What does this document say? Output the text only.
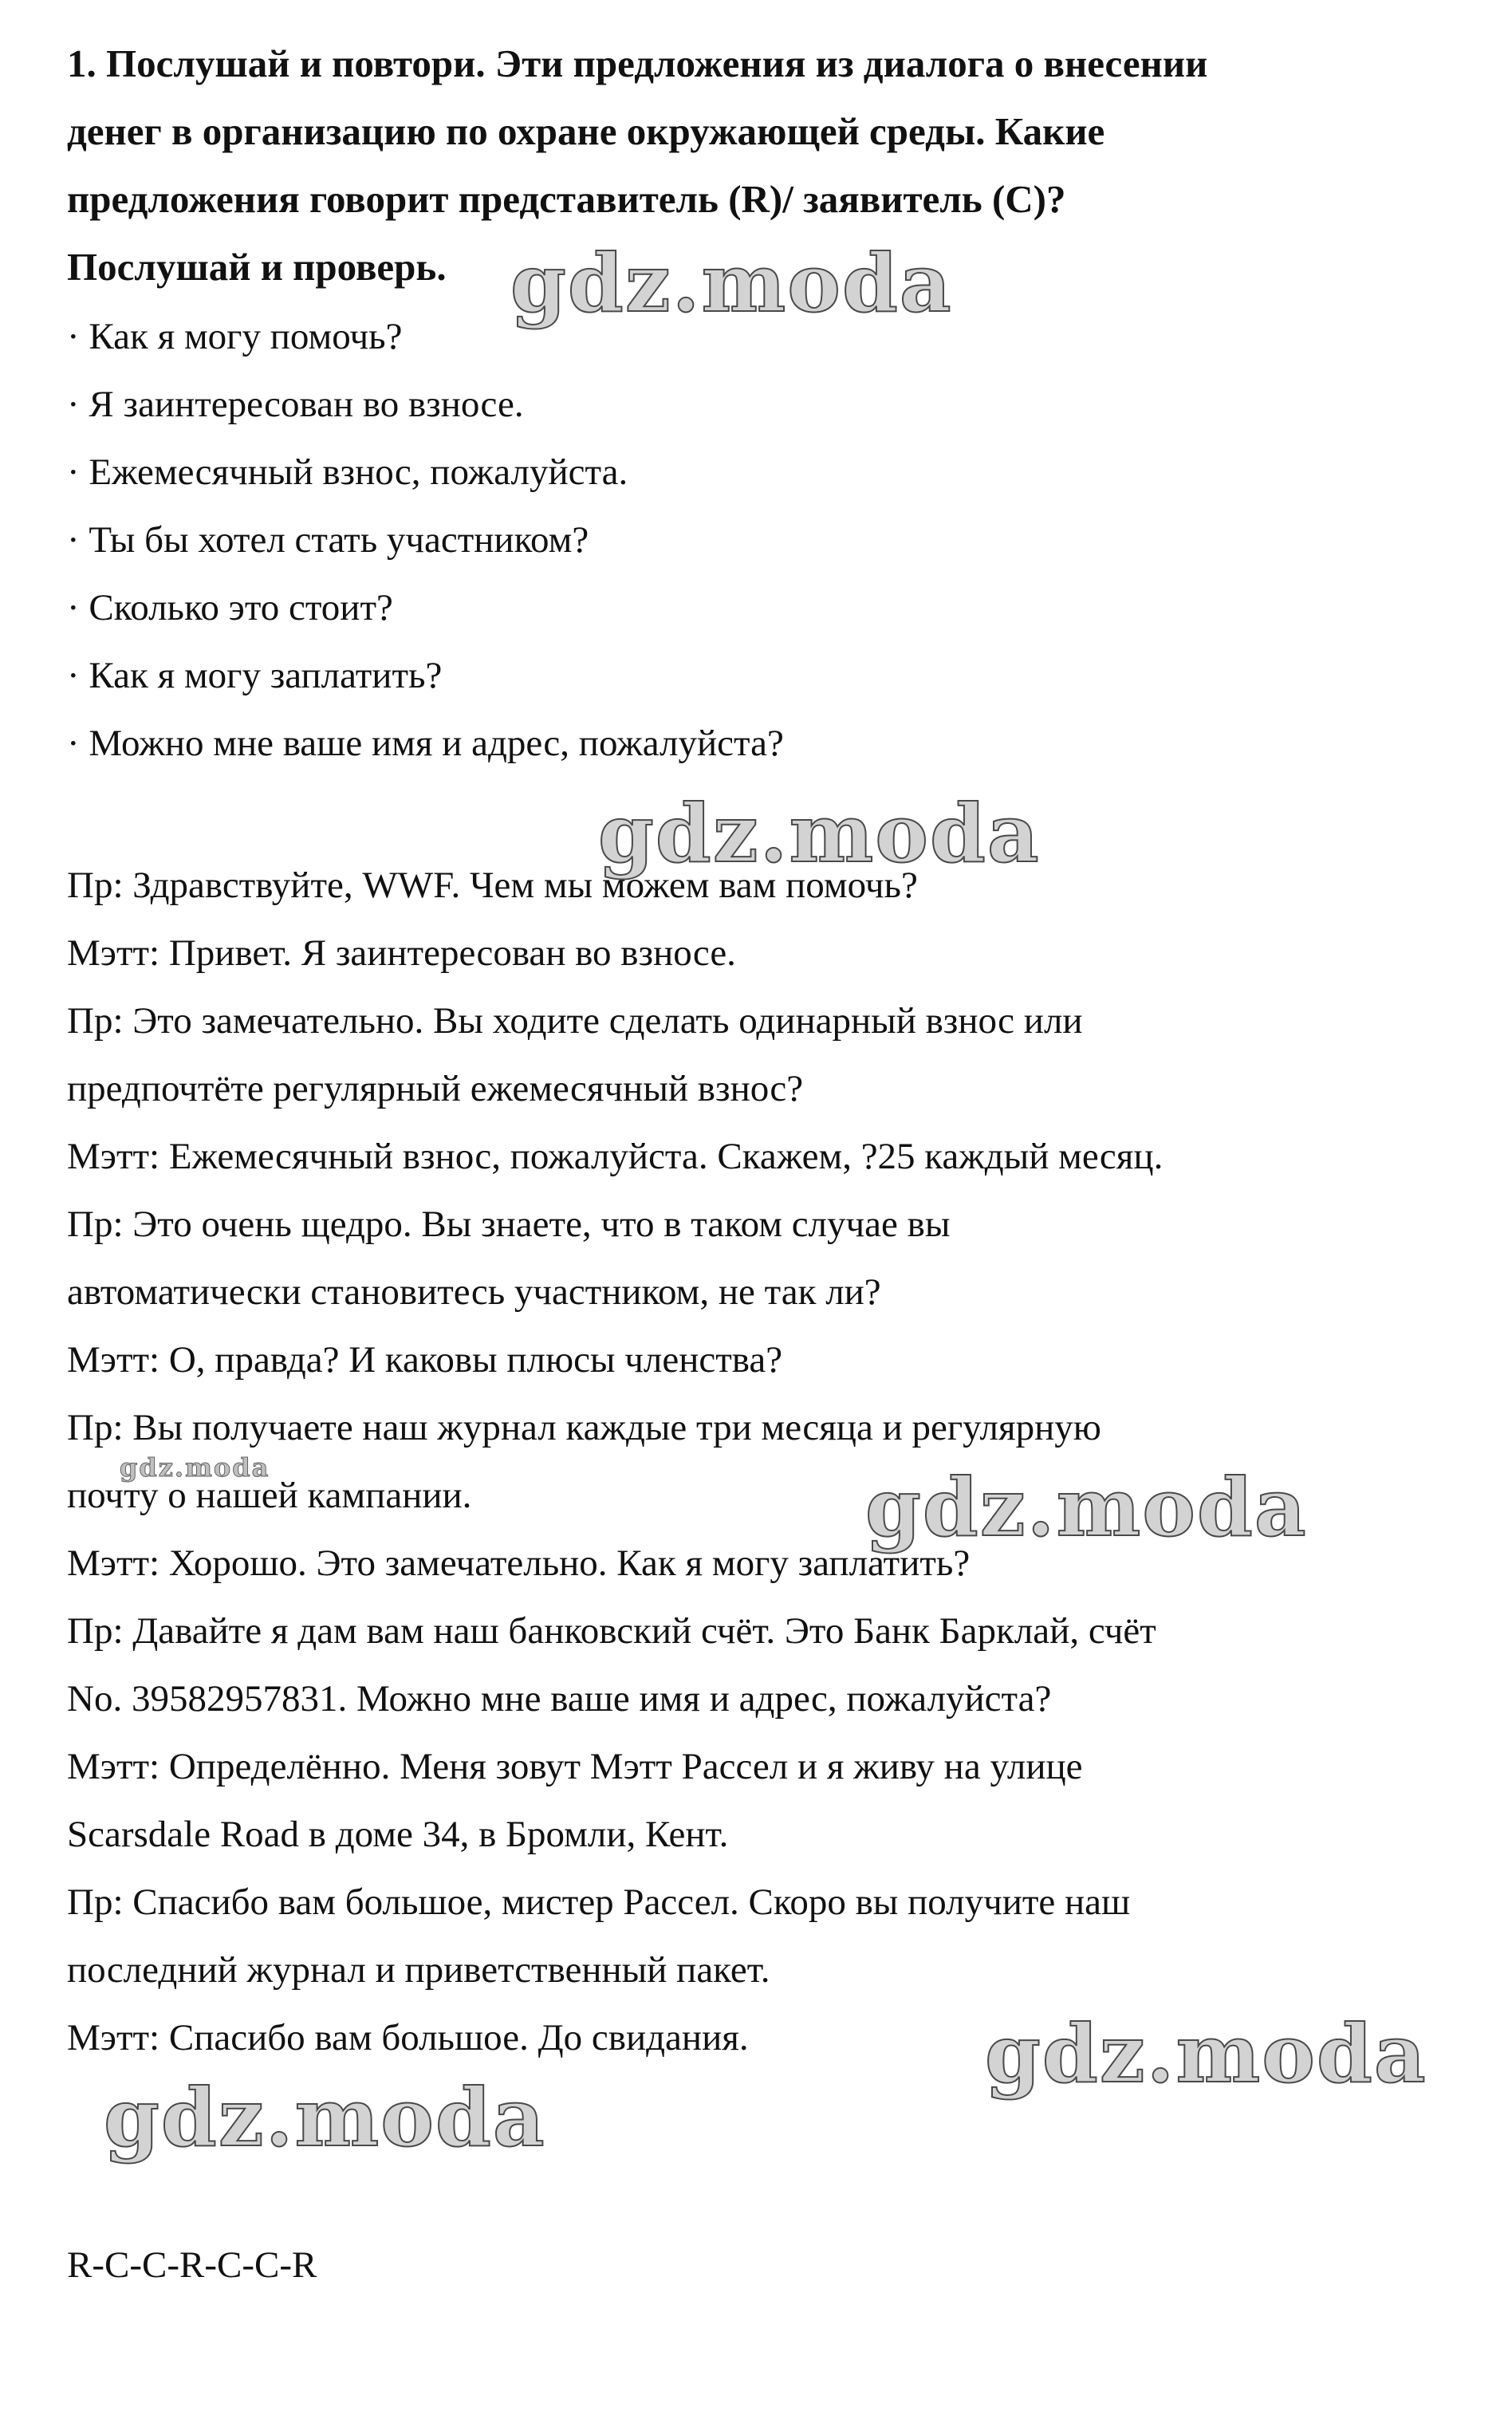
1. Послушай и повтори. Эти предложения из диалога о внесении
денег в организацию по охране окружающей среды. Какие
предложения говорит представитель (R)/ заявитель (C)?
Послушай и проверь.
· Как я могу помочь?
· Я заинтересован во взносе.
· Ежемесячный взнос, пожалуйста.
· Ты бы хотел стать участником?
· Сколько это стоит?
· Как я могу заплатить?
· Можно мне ваше имя и адрес, пожалуйста?
Пр: Здравствуйте, WWF. Чем мы можем вам помочь?
Мэтт: Привет. Я заинтересован во взносе.
Пр: Это замечательно. Вы ходите сделать одинарный взнос или
предпочтёте регулярный ежемесячный взнос?
Мэтт: Ежемесячный взнос, пожалуйста. Скажем, ?25 каждый месяц.
Пр: Это очень щедро. Вы знаете, что в таком случае вы
автоматически становитесь участником, не так ли?
Мэтт: О, правда? И каковы плюсы членства?
Пр: Вы получаете наш журнал каждые три месяца и регулярную
почту о нашей кампании.
Мэтт: Хорошо. Это замечательно. Как я могу заплатить?
Пр: Давайте я дам вам наш банковский счёт. Это Банк Барклай, счёт
No. 39582957831. Можно мне ваше имя и адрес, пожалуйста?
Мэтт: Определённо. Меня зовут Мэтт Рассел и я живу на улице
Scarsdale Road в доме 34, в Бромли, Кент.
Пр: Спасибо вам большое, мистер Рассел. Скоро вы получите наш
последний журнал и приветственный пакет.
Мэтт: Спасибо вам большое. До свидания.
R-C-C-R-C-C-R
gdz.moda
gdz.moda
gdz.moda	gdz.moda
gdz.moda
gdz.moda
